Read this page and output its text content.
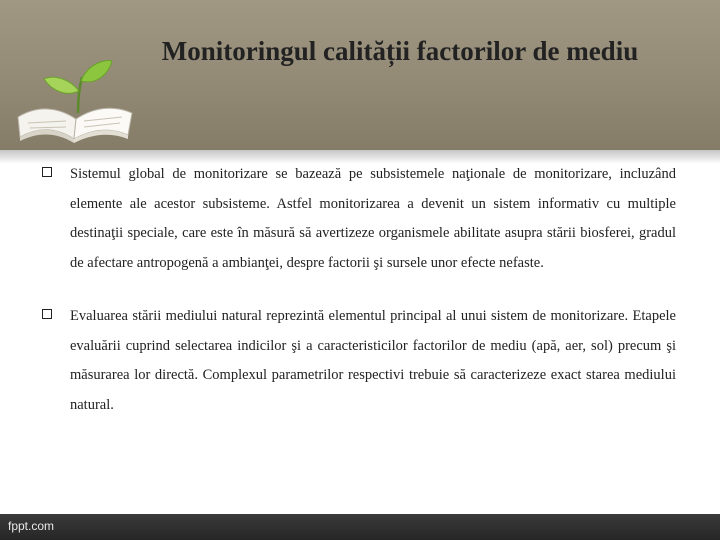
Monitoringul calității factorilor de mediu

Sistemul global de monitorizare se bazează pe subsistemele naţionale de monitorizare, incluzând elemente ale acestor subsisteme. Astfel monitorizarea a devenit un sistem informativ cu multiple destinaţii speciale, care este în măsură să avertizeze organismele abilitate asupra stării biosferei, gradul de afectare antropogenă a ambianţei, despre factorii şi sursele unor efecte nefaste.

Evaluarea stării mediului natural reprezintă elementul principal al unui sistem de monitorizare. Etapele evaluării cuprind selectarea indicilor şi a caracteristicilor factorilor de mediu (apă, aer, sol) precum şi măsurarea lor directă. Complexul parametrilor respectivi trebuie să caracterizeze exact starea mediului natural.

fppt.com
